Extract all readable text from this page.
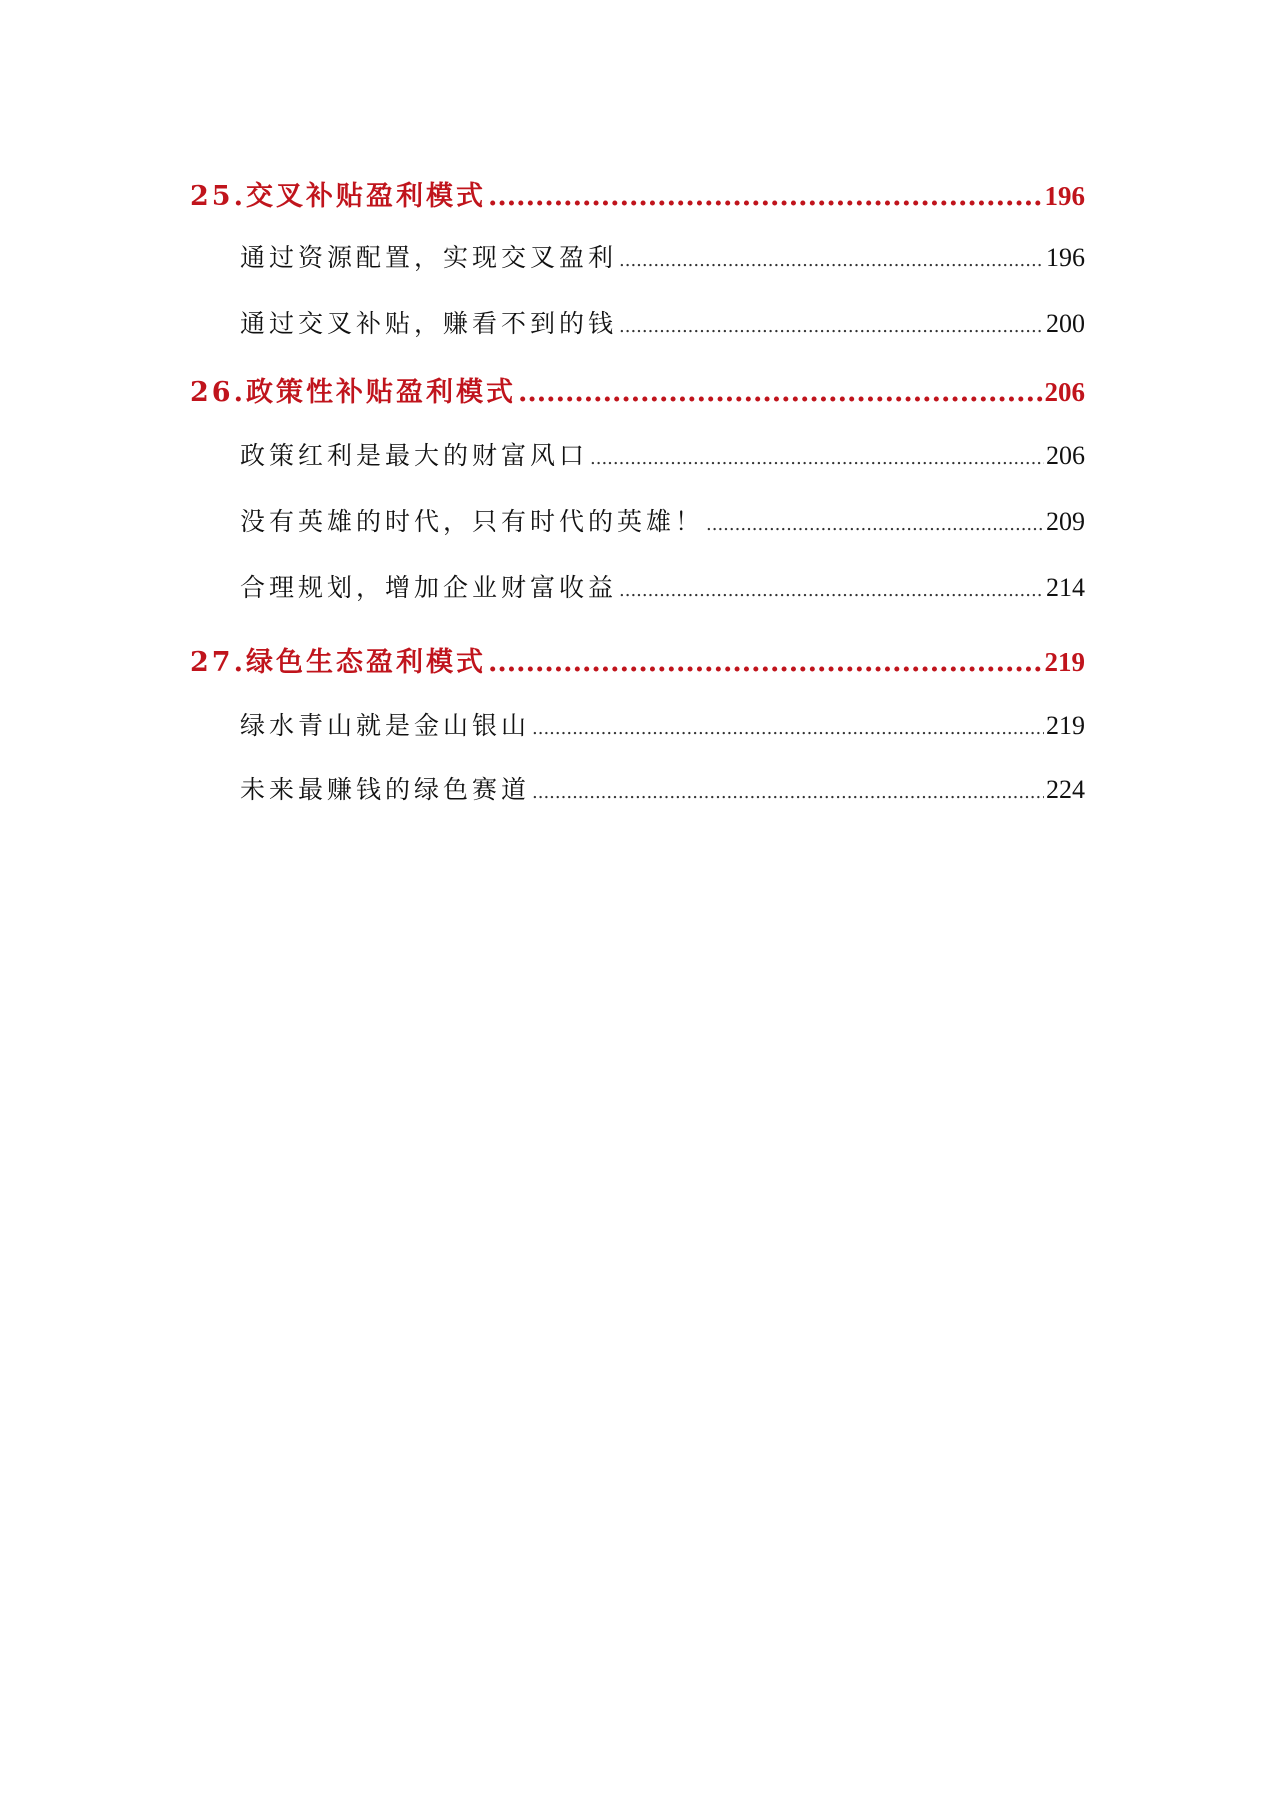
25.交叉补贴盈利模式 .....	196
通过资源配置，实现交叉盈利 .....	196
通过交叉补贴，赚看不到的钱 .....	200
26.政策性补贴盈利模式 .....	206
政策红利是最大的财富风口 .....	206
没有英雄的时代，只有时代的英雄！ .....	209
合理规划，增加企业财富收益 .....	214
27.绿色生态盈利模式 .....	219
绿水青山就是金山银山 .....	219
未来最赚钱的绿色赛道 .....	224
